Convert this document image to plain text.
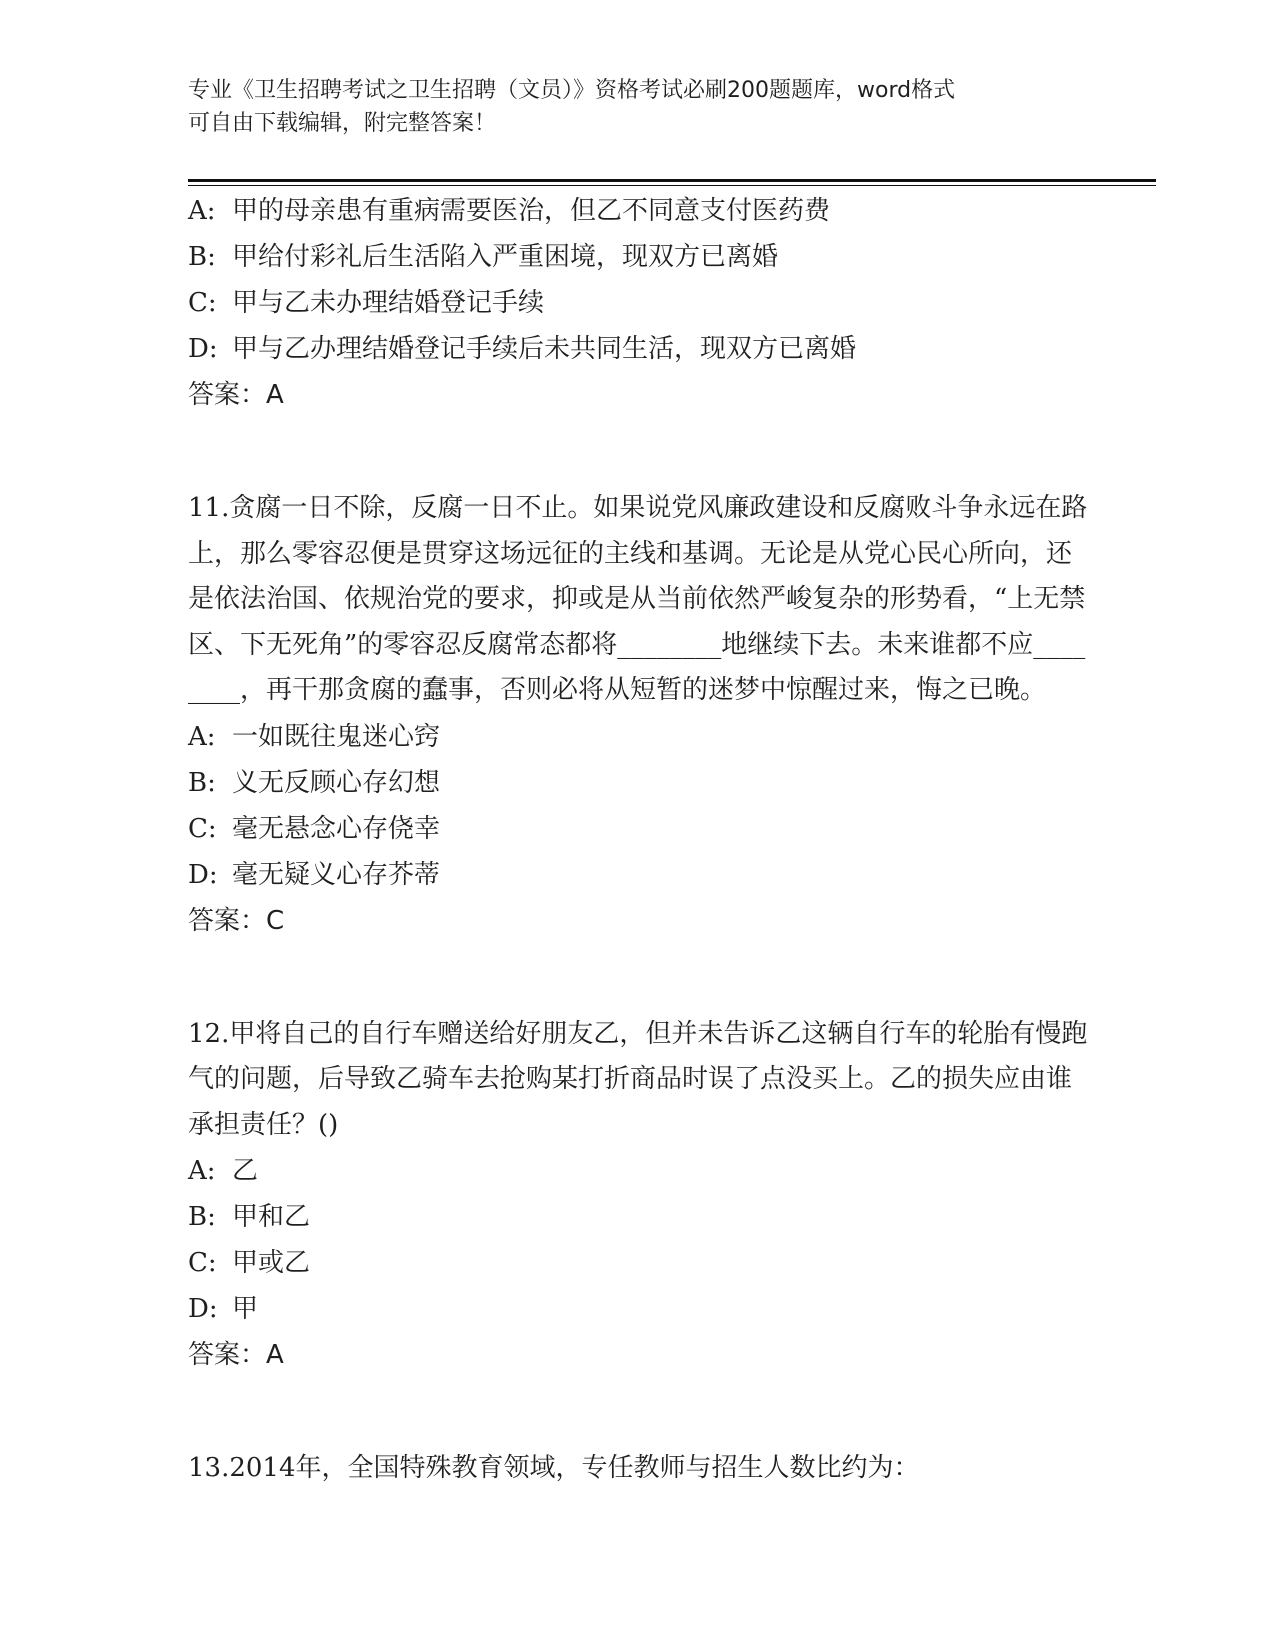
专业《卫生招聘考试之卫生招聘（文员）》资格考试必刷200题题库，word格式

可自由下载编辑，附完整答案！

A: 甲的母亲患有重病需要医治，但乙不同意支付医药费
B: 甲给付彩礼后生活陷入严重困境，现双方已离婚
C: 甲与乙未办理结婚登记手续
D: 甲与乙办理结婚登记手续后未共同生活，现双方已离婚
答案：A

11.贪腐一日不除，反腐一日不止。如果说党风廉政建设和反腐败斗争永远在路上，那么零容忍便是贯穿这场远征的主线和基调。无论是从党心民心所向，还是依法治国、依规治党的要求，抑或是从当前依然严峻复杂的形势看，“上无禁区、下无死角”的零容忍反腐常态都将________地继续下去。未来谁都不应________，再干那贪腐的蠢事，否则必将从短暂的迷梦中惊醒过来，悔之已晚。

A: 一如既往鬼迷心窍
B: 义无反顾心存幻想
C: 毫无悬念心存侥幸
D: 毫无疑义心存芥蒂
答案：C

12.甲将自己的自行车赠送给好朋友乙，但并未告诉乙这辆自行车的轮胎有慢跑气的问题，后导致乙骑车去抢购某打折商品时误了点没买上。乙的损失应由谁承担责任？()

A: 乙
B: 甲和乙
C: 甲或乙
D: 甲
答案：A

13.2014年，全国特殊教育领域，专任教师与招生人数比约为：
